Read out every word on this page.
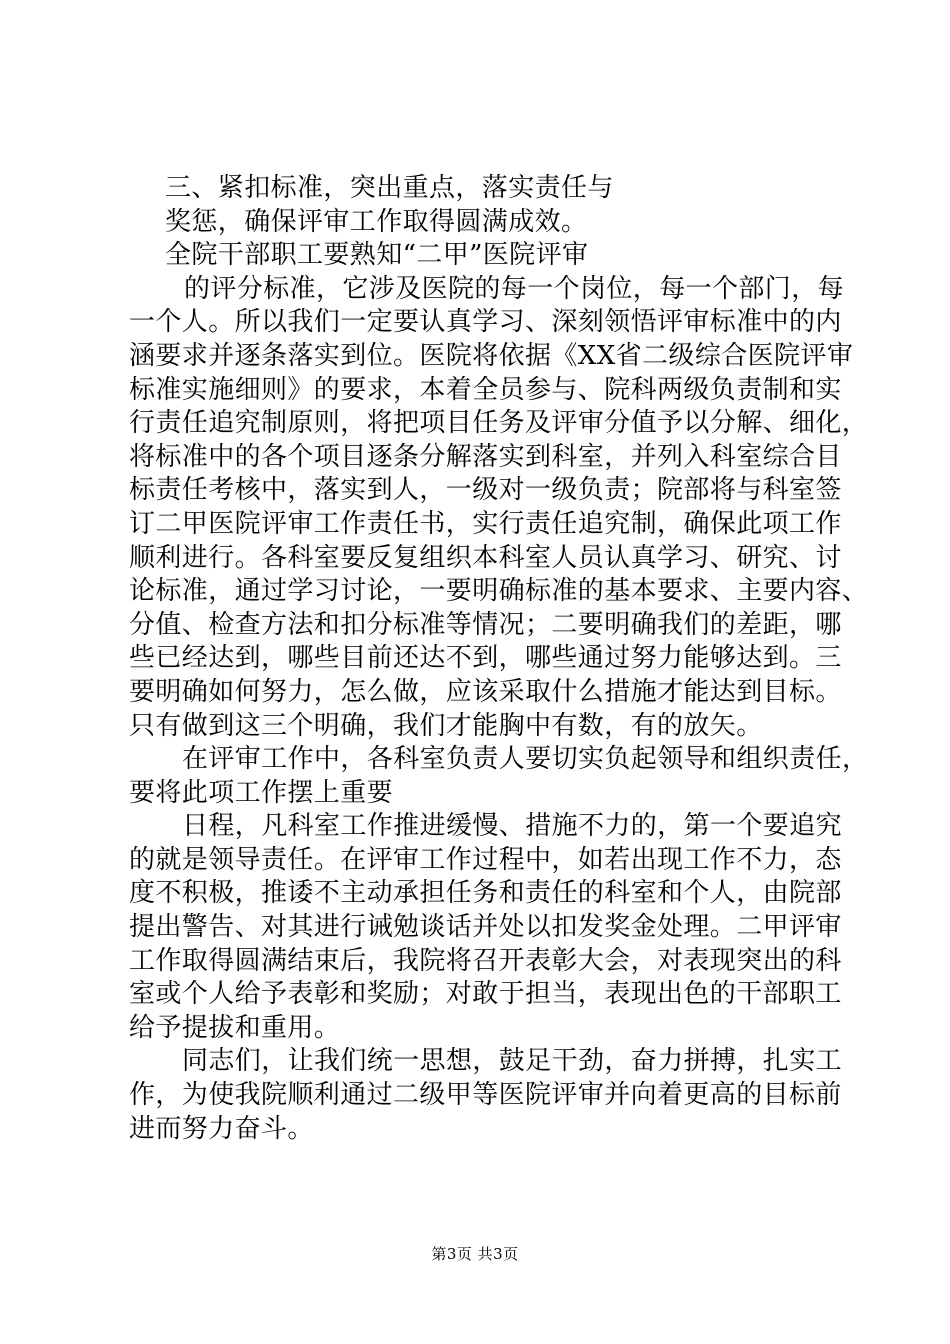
三、紧扣标准，突出重点，落实责任与
奖惩，确保评审工作取得圆满成效。
全院干部职工要熟知“二甲”医院评审
的评分标准，它涉及医院的每一个岗位，每一个部门，每
一个人。所以我们一定要认真学习、深刻领悟评审标准中的内
涵要求并逐条落实到位。医院将依据《XX省二级综合医院评审
标准实施细则》的要求，本着全员参与、院科两级负责制和实
行责任追究制原则，将把项目任务及评审分值予以分解、细化，
将标准中的各个项目逐条分解落实到科室，并列入科室综合目
标责任考核中，落实到人，一级对一级负责；院部将与科室签
订二甲医院评审工作责任书，实行责任追究制，确保此项工作
顺利进行。各科室要反复组织本科室人员认真学习、研究、讨
论标准，通过学习讨论，一要明确标准的基本要求、主要内容、
分值、检查方法和扣分标准等情况；二要明确我们的差距，哪
些已经达到，哪些目前还达不到，哪些通过努力能够达到。三
要明确如何努力，怎么做，应该采取什么措施才能达到目标。
只有做到这三个明确，我们才能胸中有数，有的放矢。
在评审工作中，各科室负责人要切实负起领导和组织责任，
要将此项工作摆上重要
日程，凡科室工作推进缓慢、措施不力的，第一个要追究
的就是领导责任。在评审工作过程中，如若出现工作不力，态
度不积极，推诿不主动承担任务和责任的科室和个人，由院部
提出警告、对其进行诫勉谈话并处以扣发奖金处理。二甲评审
工作取得圆满结束后，我院将召开表彰大会，对表现突出的科
室或个人给予表彰和奖励；对敢于担当，表现出色的干部职工
给予提拔和重用。
同志们，让我们统一思想，鼓足干劲，奋力拼搏，扎实工
作，为使我院顺利通过二级甲等医院评审并向着更高的目标前
进而努力奋斗。
第3页 共3页
